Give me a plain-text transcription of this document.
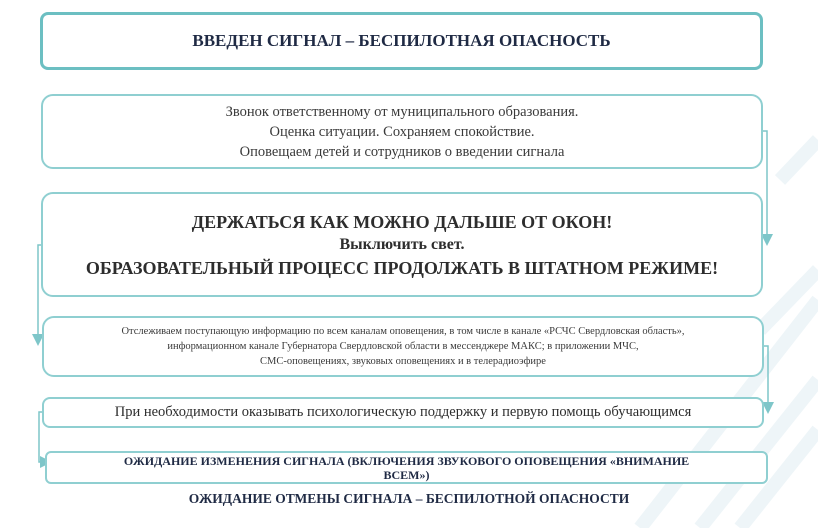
ВВЕДЕН СИГНАЛ – БЕСПИЛОТНАЯ ОПАСНОСТЬ
Звонок ответственному от муниципального образования.
Оценка ситуации. Сохраняем спокойствие.
Оповещаем детей и сотрудников о введении сигнала
ДЕРЖАТЬСЯ КАК МОЖНО ДАЛЬШЕ ОТ ОКОН!
Выключить свет.
ОБРАЗОВАТЕЛЬНЫЙ ПРОЦЕСС ПРОДОЛЖАТЬ В ШТАТНОМ РЕЖИМЕ!
Отслеживаем поступающую информацию по всем каналам оповещения, в том числе в канале «РСЧС Свердловская область»,
информационном канале Губернатора Свердловской области в мессенджере МАКС; в приложении МЧС,
СМС-оповещениях, звуковых оповещениях и в телерадиоэфире
При необходимости оказывать психологическую поддержку и первую помощь обучающимся
ОЖИДАНИЕ ИЗМЕНЕНИЯ СИГНАЛА (ВКЛЮЧЕНИЯ ЗВУКОВОГО ОПОВЕЩЕНИЯ «ВНИМАНИЕ
ВСЕМ»)
ОЖИДАНИЕ ОТМЕНЫ СИГНАЛА – БЕСПИЛОТНОЙ ОПАСНОСТИ
